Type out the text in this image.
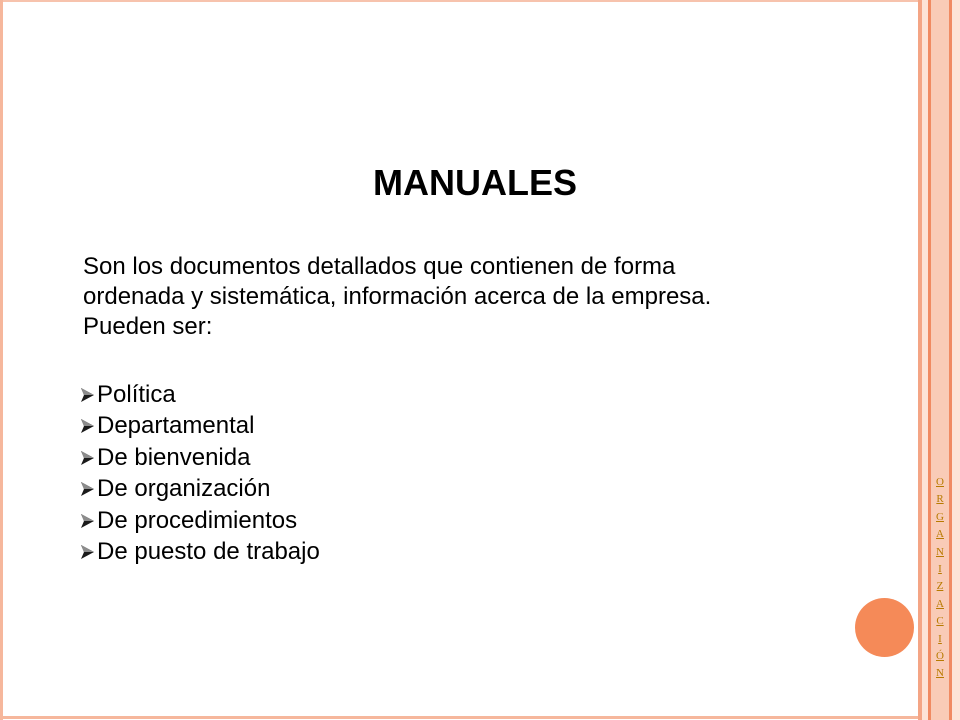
O
R
G
A
N
I
Z
A
C
I
Ó
N
MANUALES
Son los documentos detallados que contienen de forma
ordenada y sistemática, información acerca de la empresa.
Pueden ser:
Política
Departamental
De bienvenida
De organización
De procedimientos
De puesto de trabajo
